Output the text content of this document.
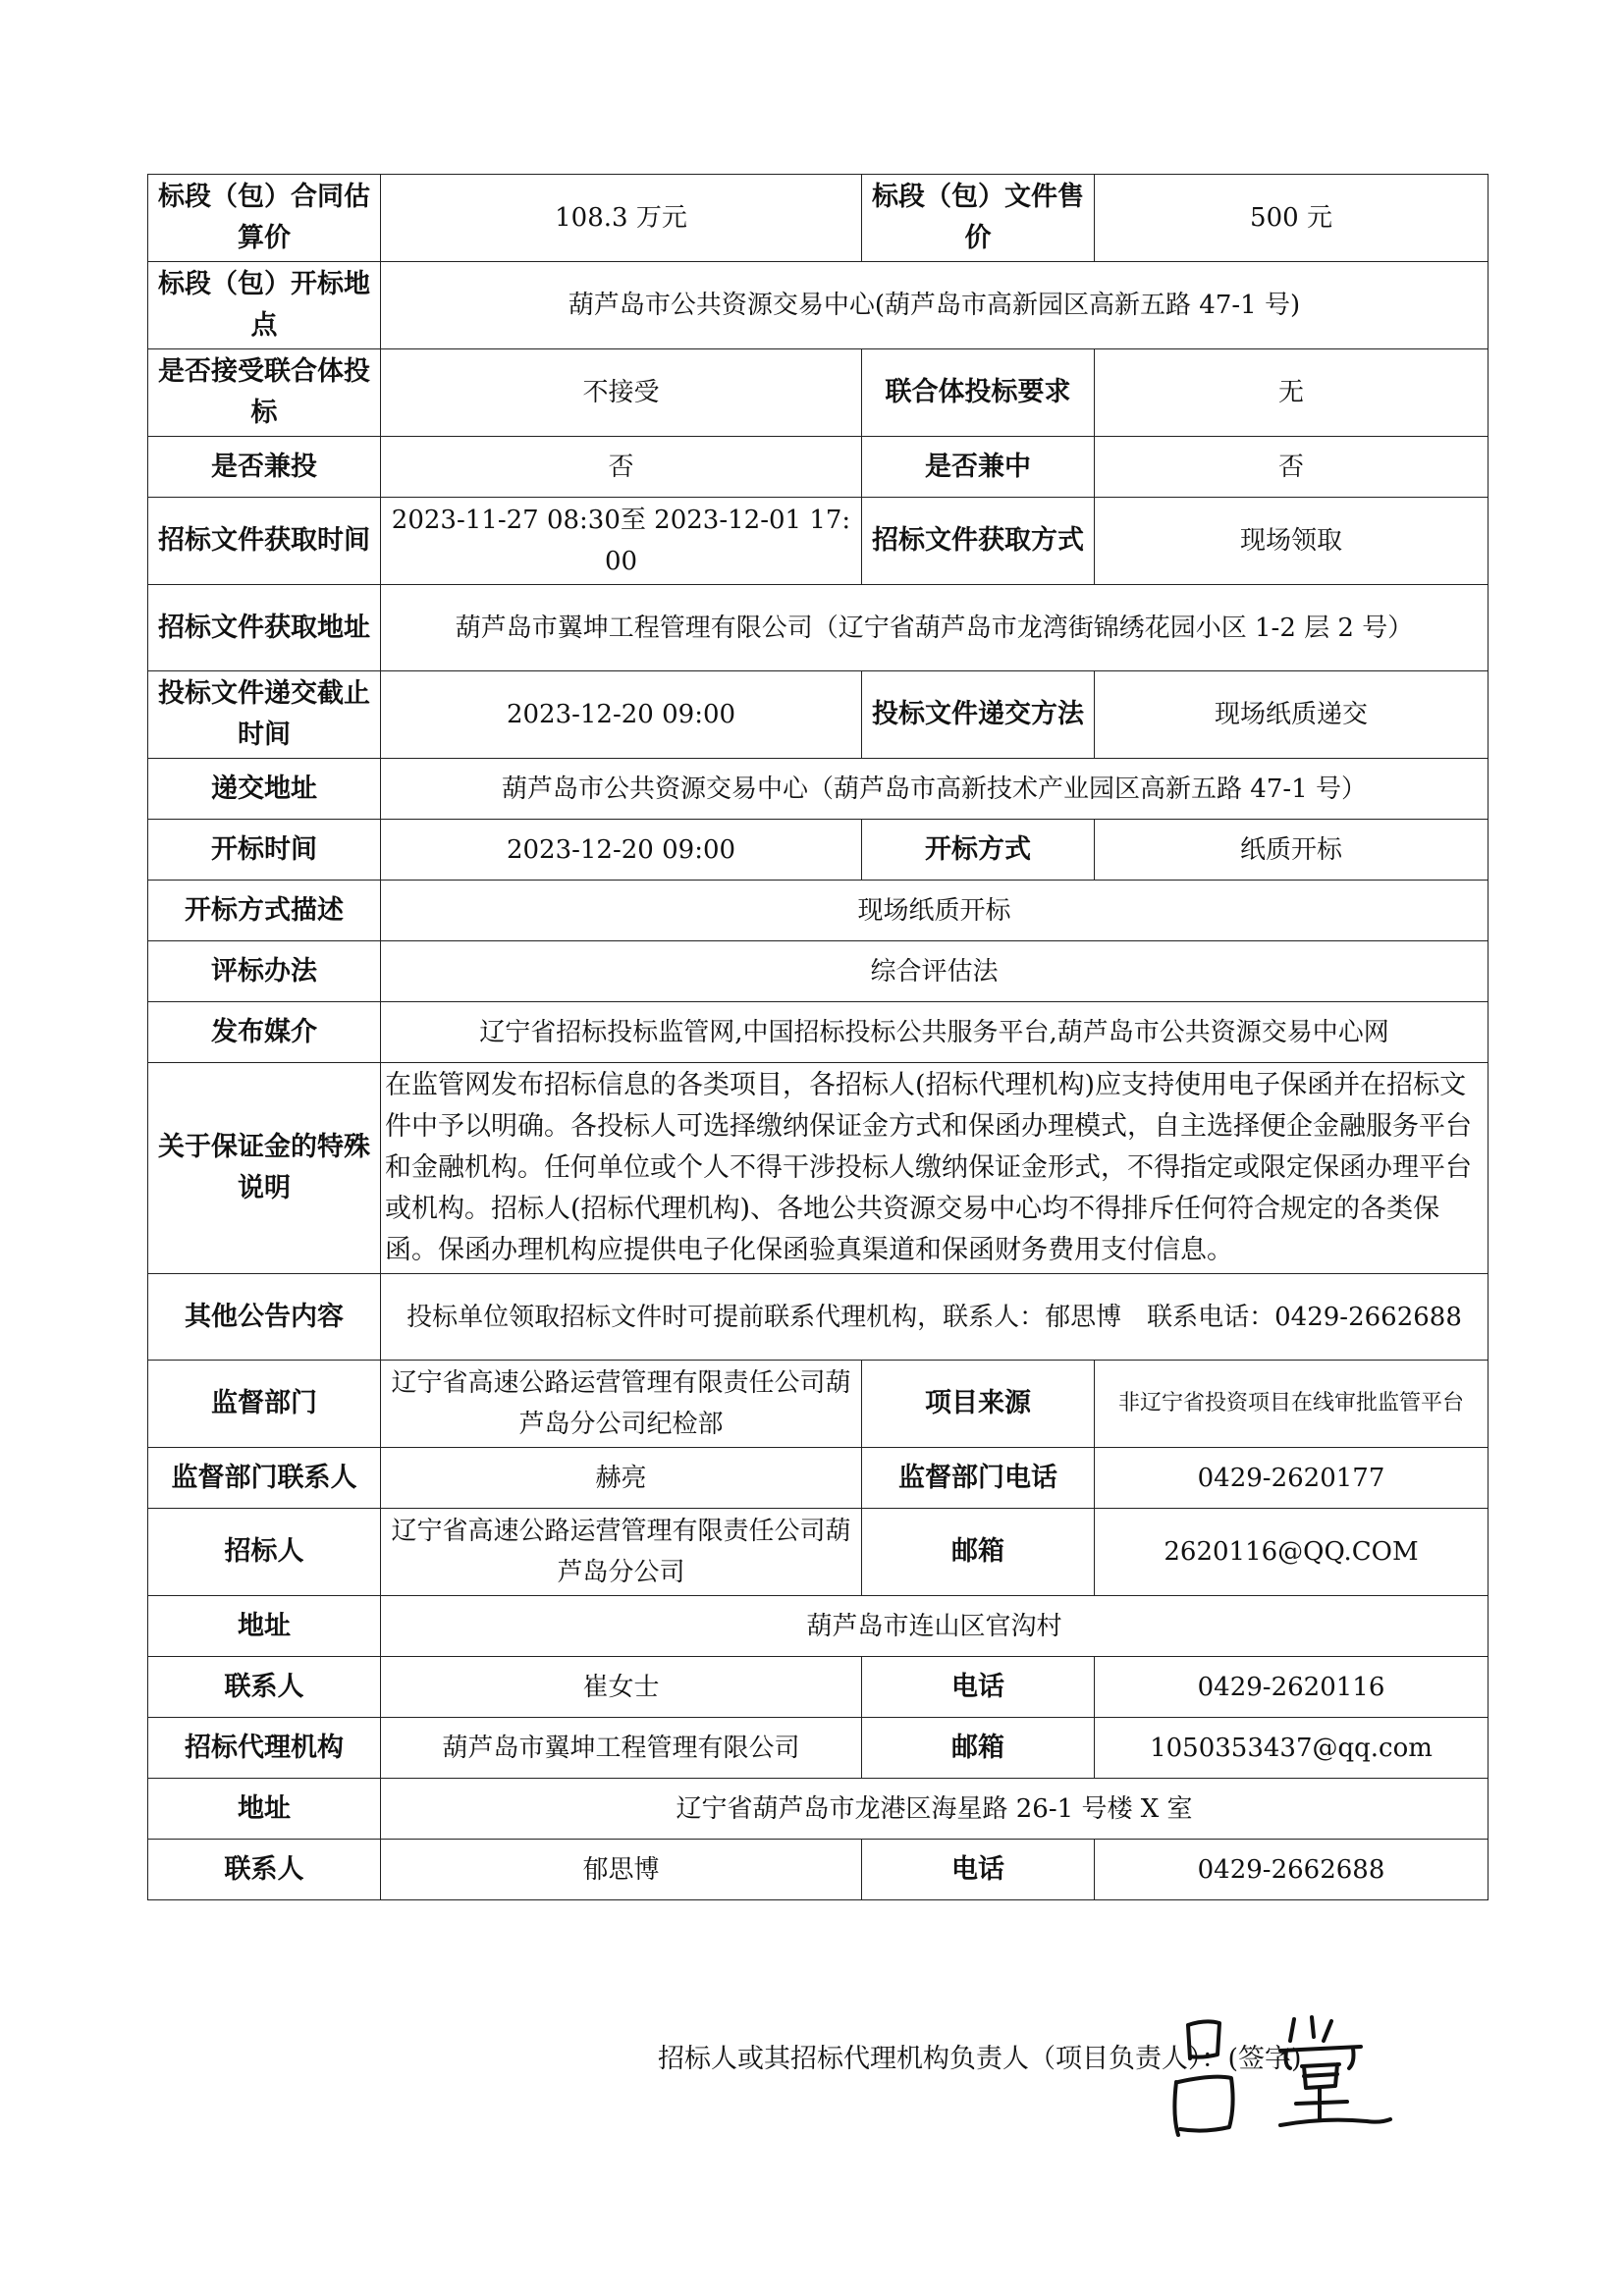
标段（包）合同估算价	108.3 万元	标段（包）文件售价	500 元
标段（包）开标地点	葫芦岛市公共资源交易中心(葫芦岛市高新园区高新五路 47-1 号)		
是否接受联合体投标	不接受	联合体投标要求	无
是否兼投	否	是否兼中	否
招标文件获取时间	2023-11-27 08:30至 2023-12-01 17:00	招标文件获取方式	现场领取
招标文件获取地址	葫芦岛市翼坤工程管理有限公司（辽宁省葫芦岛市龙湾街锦绣花园小区 1-2 层 2 号）		
投标文件递交截止时间	2023-12-20 09:00	投标文件递交方法	现场纸质递交
递交地址	葫芦岛市公共资源交易中心（葫芦岛市高新技术产业园区高新五路 47-1 号）		
开标时间	2023-12-20 09:00	开标方式	纸质开标
开标方式描述	现场纸质开标		
评标办法	综合评估法		
发布媒介	辽宁省招标投标监管网,中国招标投标公共服务平台,葫芦岛市公共资源交易中心网		
关于保证金的特殊说明	在监管网发布招标信息的各类项目，各招标人(招标代理机构)应支持使用电子保函并在招标文件中予以明确。各投标人可选择缴纳保证金方式和保函办理模式，自主选择便企金融服务平台和金融机构。任何单位或个人不得干涉投标人缴纳保证金形式，不得指定或限定保函办理平台或机构。招标人(招标代理机构)、各地公共资源交易中心均不得排斥任何符合规定的各类保函。保函办理机构应提供电子化保函验真渠道和保函财务费用支付信息。		
其他公告内容	投标单位领取招标文件时可提前联系代理机构，联系人：郁思博　联系电话：0429-2662688		
监督部门	辽宁省高速公路运营管理有限责任公司葫芦岛分公司纪检部	项目来源	非辽宁省投资项目在线审批监管平台
监督部门联系人	赫亮	监督部门电话	0429-2620177
招标人	辽宁省高速公路运营管理有限责任公司葫芦岛分公司	邮箱	2620116@QQ.COM
地址	葫芦岛市连山区官沟村		
联系人	崔女士	电话	0429-2620116
招标代理机构	葫芦岛市翼坤工程管理有限公司	邮箱	1050353437@qq.com
地址	辽宁省葫芦岛市龙港区海星路 26-1 号楼 X 室		
联系人	郁思博	电话	0429-2662688
招标人或其招标代理机构负责人（项目负责人）：(签字)
